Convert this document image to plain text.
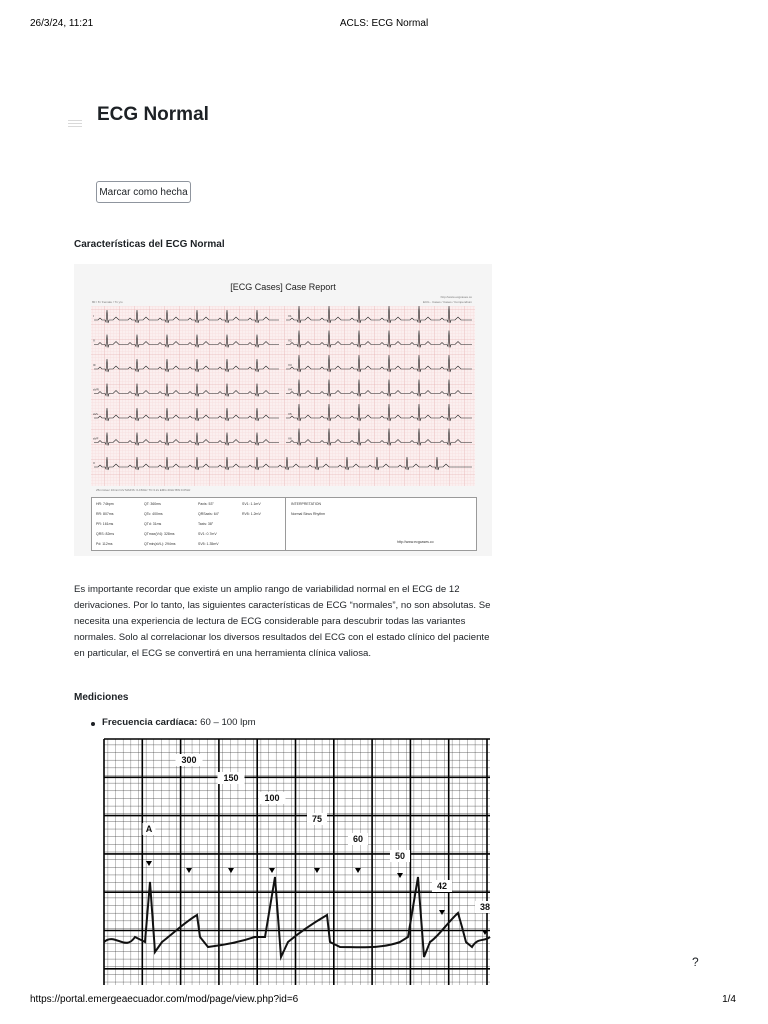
26/3/24, 11:21	ACLS: ECG Normal
ECG Normal
Marcar como hecha
Características del ECG Normal
[ECG Cases] Case Report
http://www.ecgcases.co
ECG - Cases / Cases / Compendium
80 / 8 / Female / 71 y/o
I	V1
II	V2
III	V3
aVR	V4
aVL	V5
aVF	V6
II
25mm/sec 10mm/mV MAINS: 0-150Hz TC:3.2s EMG:40Hz BW:0.05Hz
HR: 74bpm	QT: 360ms	Paxis: 53°	SV1: 1.1mV
RR: 807ms	QTc: 400ms	QRSaxis: 64°	RV5: 1.2mV
PR: 161ms	QTd: 31ms	Taxis: 38°
QRS: 82ms	QTmax(V4): 328ms	SV1: 0.7mV
Pd: 112ms	QTmin(aVL): 294ms	SV5: 1.35mV
INTERPRETATION
Normal Sinus Rhythm
http://www.ecgcases.co

Es importante recordar que existe un amplio rango de variabilidad normal en el ECG de 12 derivaciones. Por lo tanto, las siguientes características de ECG “normales”, no son absolutas. Se necesita una experiencia de lectura de ECG considerable para descubrir todas las variantes normales. Solo al correlacionar los diversos resultados del ECG con el estado clínico del paciente en particular, el ECG se convertirá en una herramienta clínica valiosa.

Mediciones
Frecuencia cardíaca: 60 – 100 lpm
A
300
150
100
75
60
50
42
38
?
https://portal.emergeaecuador.com/mod/page/view.php?id=6	1/4
